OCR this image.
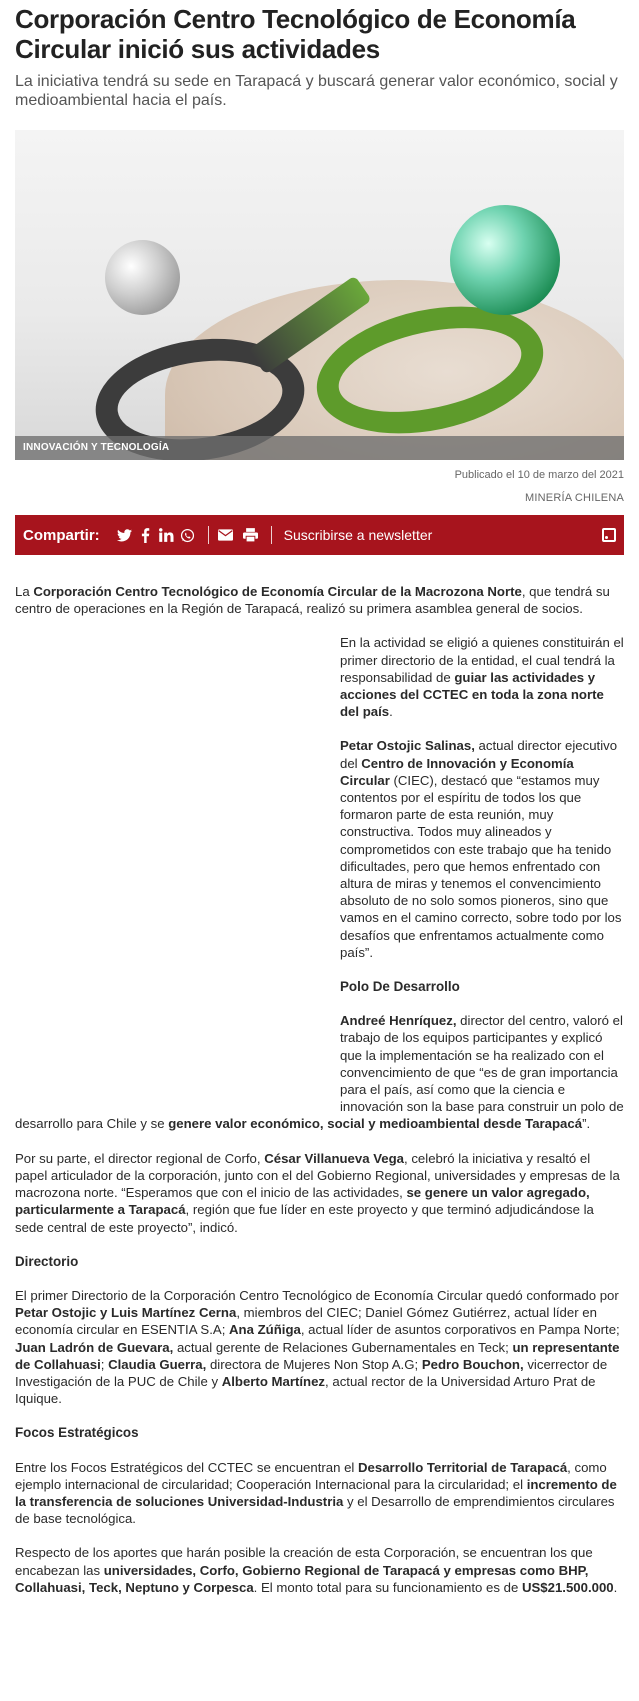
Corporación Centro Tecnológico de Economía Circular inició sus actividades

La iniciativa tendrá su sede en Tarapacá y buscará generar valor económico, social y medioambiental hacia el país.

INNOVACIÓN Y TECNOLOGÍA
Publicado el 10 de marzo del 2021
MINERÍA CHILENA
Compartir:	Suscribirse a newsletter

La Corporación Centro Tecnológico de Economía Circular de la Macrozona Norte, que tendrá su centro de operaciones en la Región de Tarapacá, realizó su primera asamblea general de socios.

En la actividad se eligió a quienes constituirán el primer directorio de la entidad, el cual tendrá la responsabilidad de guiar las actividades y acciones del CCTEC en toda la zona norte del país.

Petar Ostojic Salinas, actual director ejecutivo del Centro de Innovación y Economía Circular (CIEC), destacó que “estamos muy contentos por el espíritu de todos los que formaron parte de esta reunión, muy constructiva. Todos muy alineados y comprometidos con este trabajo que ha tenido dificultades, pero que hemos enfrentado con altura de miras y tenemos el convencimiento absoluto de no solo somos pioneros, sino que vamos en el camino correcto, sobre todo por los desafíos que enfrentamos actualmente como país”.

Polo De Desarrollo

Andreé Henríquez, director del centro, valoró el trabajo de los equipos participantes y explicó que la implementación se ha realizado con el convencimiento de que “es de gran importancia para el país, así como que la ciencia e innovación son la base para construir un polo de desarrollo para Chile y se genere valor económico, social y medioambiental desde Tarapacá”.

Por su parte, el director regional de Corfo, César Villanueva Vega, celebró la iniciativa y resaltó el papel articulador de la corporación, junto con el del Gobierno Regional, universidades y empresas de la macrozona norte. “Esperamos que con el inicio de las actividades, se genere un valor agregado, particularmente a Tarapacá, región que fue líder en este proyecto y que terminó adjudicándose la sede central de este proyecto”, indicó.

Directorio

El primer Directorio de la Corporación Centro Tecnológico de Economía Circular quedó conformado por Petar Ostojic y Luis Martínez Cerna, miembros del CIEC; Daniel Gómez Gutiérrez, actual líder en economía circular en ESENTIA S.A; Ana Zúñiga, actual líder de asuntos corporativos en Pampa Norte; Juan Ladrón de Guevara, actual gerente de Relaciones Gubernamentales en Teck; un representante de Collahuasi; Claudia Guerra, directora de Mujeres Non Stop A.G; Pedro Bouchon, vicerrector de Investigación de la PUC de Chile y Alberto Martínez, actual rector de la Universidad Arturo Prat de Iquique.

Focos Estratégicos

Entre los Focos Estratégicos del CCTEC se encuentran el Desarrollo Territorial de Tarapacá, como ejemplo internacional de circularidad; Cooperación Internacional para la circularidad; el incremento de la transferencia de soluciones Universidad-Industria y el Desarrollo de emprendimientos circulares de base tecnológica.

Respecto de los aportes que harán posible la creación de esta Corporación, se encuentran los que encabezan las universidades, Corfo, Gobierno Regional de Tarapacá y empresas como BHP, Collahuasi, Teck, Neptuno y Corpesca. El monto total para su funcionamiento es de US$21.500.000.
